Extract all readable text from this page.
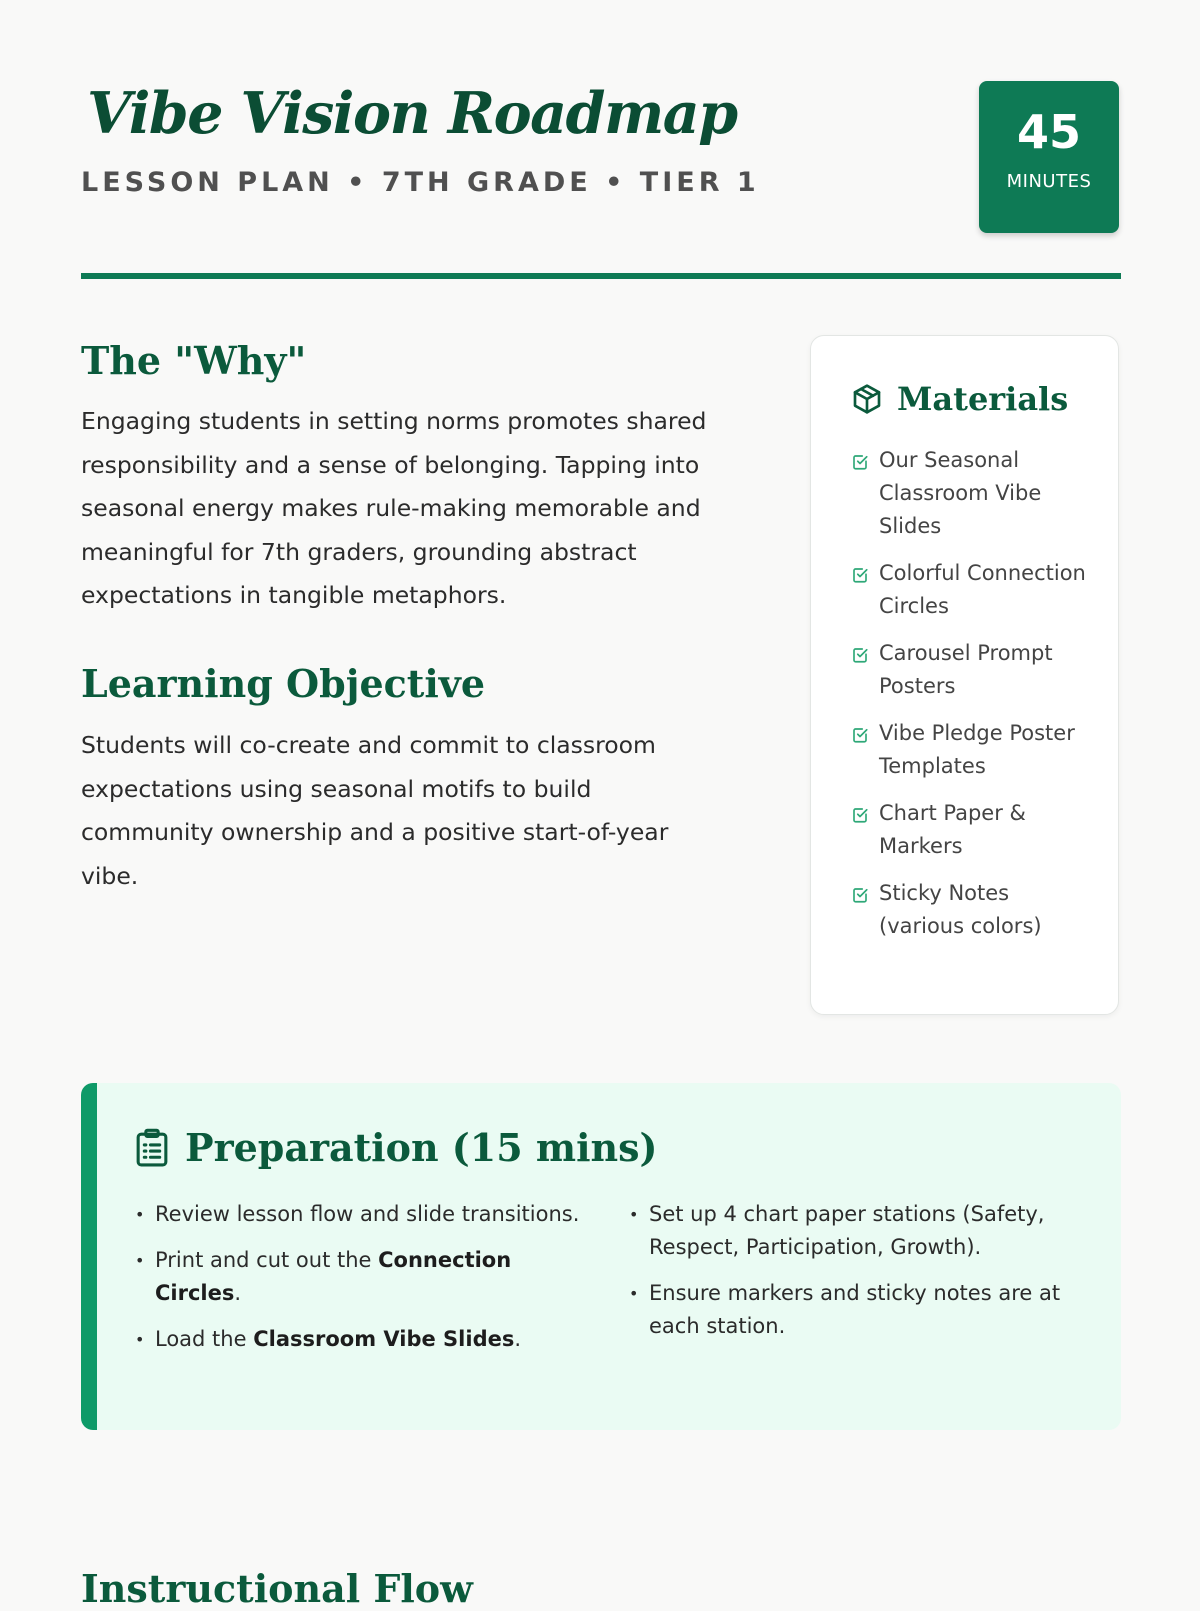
Vibe Vision Roadmap
LESSON PLAN • 7TH GRADE • TIER 1
45
MINUTES
The "Why"

Engaging students in setting norms promotes shared responsibility and a sense of belonging. Tapping into seasonal energy makes rule-making memorable and meaningful for 7th graders, grounding abstract expectations in tangible metaphors.

Learning Objective

Students will co-create and commit to classroom expectations using seasonal motifs to build community ownership and a positive start-of-year vibe.

Materials
Our Seasonal Classroom Vibe Slides
Colorful Connection Circles
Carousel Prompt Posters
Vibe Pledge Poster Templates
Chart Paper & Markers
Sticky Notes (various colors)
Preparation (15 mins)
• Review lesson flow and slide transitions.
• Print and cut out the Connection Circles.
• Load the Classroom Vibe Slides.
• Set up 4 chart paper stations (Safety, Respect, Participation, Growth).
• Ensure markers and sticky notes are at each station.
Instructional Flow
